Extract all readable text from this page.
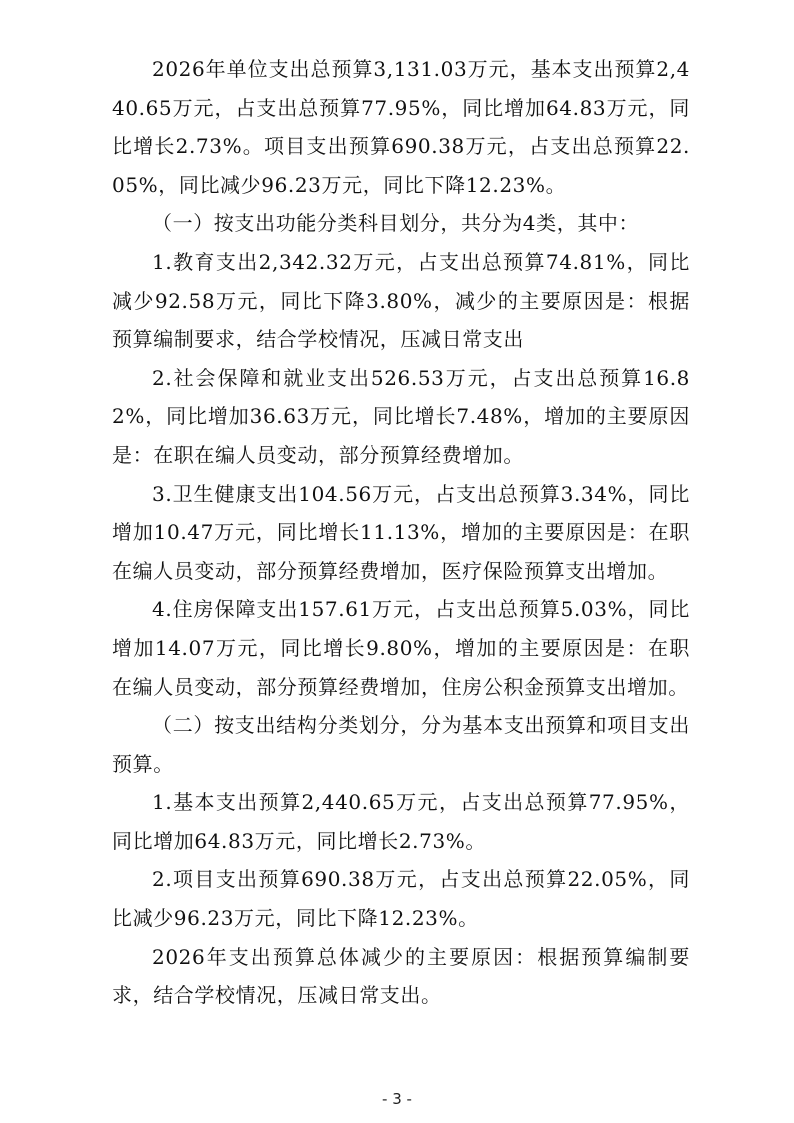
2026年单位支出总预算3,131.03万元，基本支出预算2,440.65万元，占支出总预算77.95%，同比增加64.83万元，同比增长2.73%。项目支出预算690.38万元，占支出总预算22.05%，同比减少96.23万元，同比下降12.23%。

（一）按支出功能分类科目划分，共分为4类，其中：

1.教育支出2,342.32万元，占支出总预算74.81%，同比减少92.58万元，同比下降3.80%，减少的主要原因是：根据预算编制要求，结合学校情况，压减日常支出

2.社会保障和就业支出526.53万元，占支出总预算16.82%，同比增加36.63万元，同比增长7.48%，增加的主要原因是：在职在编人员变动，部分预算经费增加。

3.卫生健康支出104.56万元，占支出总预算3.34%，同比增加10.47万元，同比增长11.13%，增加的主要原因是：在职在编人员变动，部分预算经费增加，医疗保险预算支出增加。

4.住房保障支出157.61万元，占支出总预算5.03%，同比增加14.07万元，同比增长9.80%，增加的主要原因是：在职在编人员变动，部分预算经费增加，住房公积金预算支出增加。

（二）按支出结构分类划分，分为基本支出预算和项目支出预算。

1.基本支出预算2,440.65万元，占支出总预算77.95%，同比增加64.83万元，同比增长2.73%。

2.项目支出预算690.38万元，占支出总预算22.05%，同比减少96.23万元，同比下降12.23%。

2026年支出预算总体减少的主要原因：根据预算编制要求，结合学校情况，压减日常支出。

- 3 -
